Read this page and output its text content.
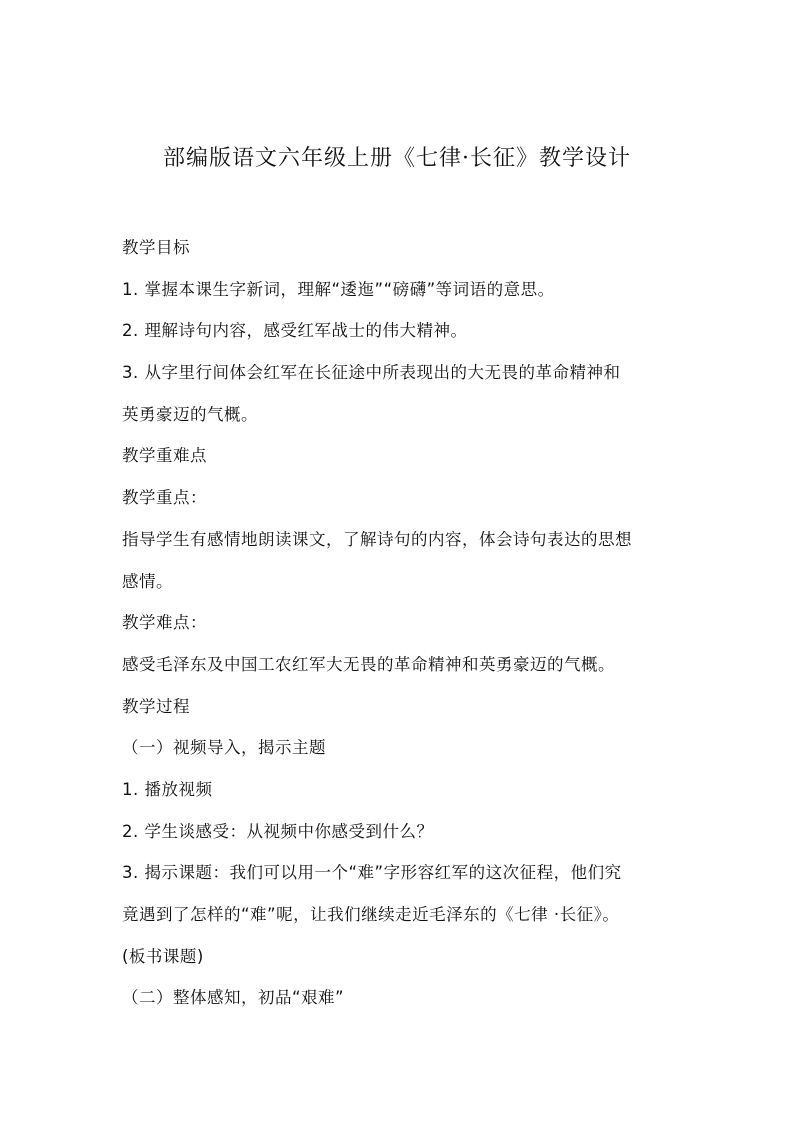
部编版语文六年级上册《七律·长征》教学设计
教学目标
1. 掌握本课生字新词，理解“逶迤”“磅礴”等词语的意思。
2. 理解诗句内容，感受红军战士的伟大精神。
3. 从字里行间体会红军在长征途中所表现出的大无畏的革命精神和
英勇豪迈的气概。
教学重难点
教学重点：
指导学生有感情地朗读课文，了解诗句的内容，体会诗句表达的思想
感情。
教学难点：
感受毛泽东及中国工农红军大无畏的革命精神和英勇豪迈的气概。
教学过程
（一）视频导入，揭示主题
1. 播放视频
2. 学生谈感受：从视频中你感受到什么？
3. 揭示课题：我们可以用一个“难”字形容红军的这次征程，他们究
竟遇到了怎样的“难”呢，让我们继续走近毛泽东的《七律 ·长征》。
(板书课题)
（二）整体感知，初品“艰难”
